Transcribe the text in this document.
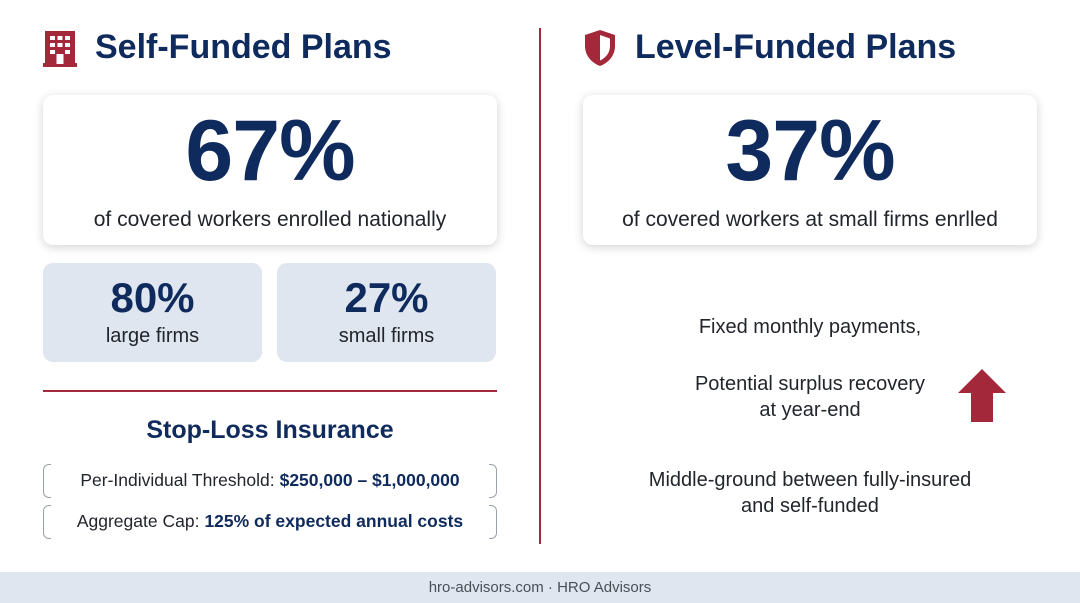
Self-Funded Plans
67%
of covered workers enrolled nationally
80%
large firms
27%
small firms
Stop-Loss Insurance
Per-Individual Threshold: $250,000 – $1,000,000
Aggregate Cap: 125% of expected annual costs
Level-Funded Plans
37%
of covered workers at small firms enrlled
Fixed monthly payments,
Potential surplus recovery
at year-end
Middle-ground between fully-insured
and self-funded
hro-advisors.com · HRO Advisors
